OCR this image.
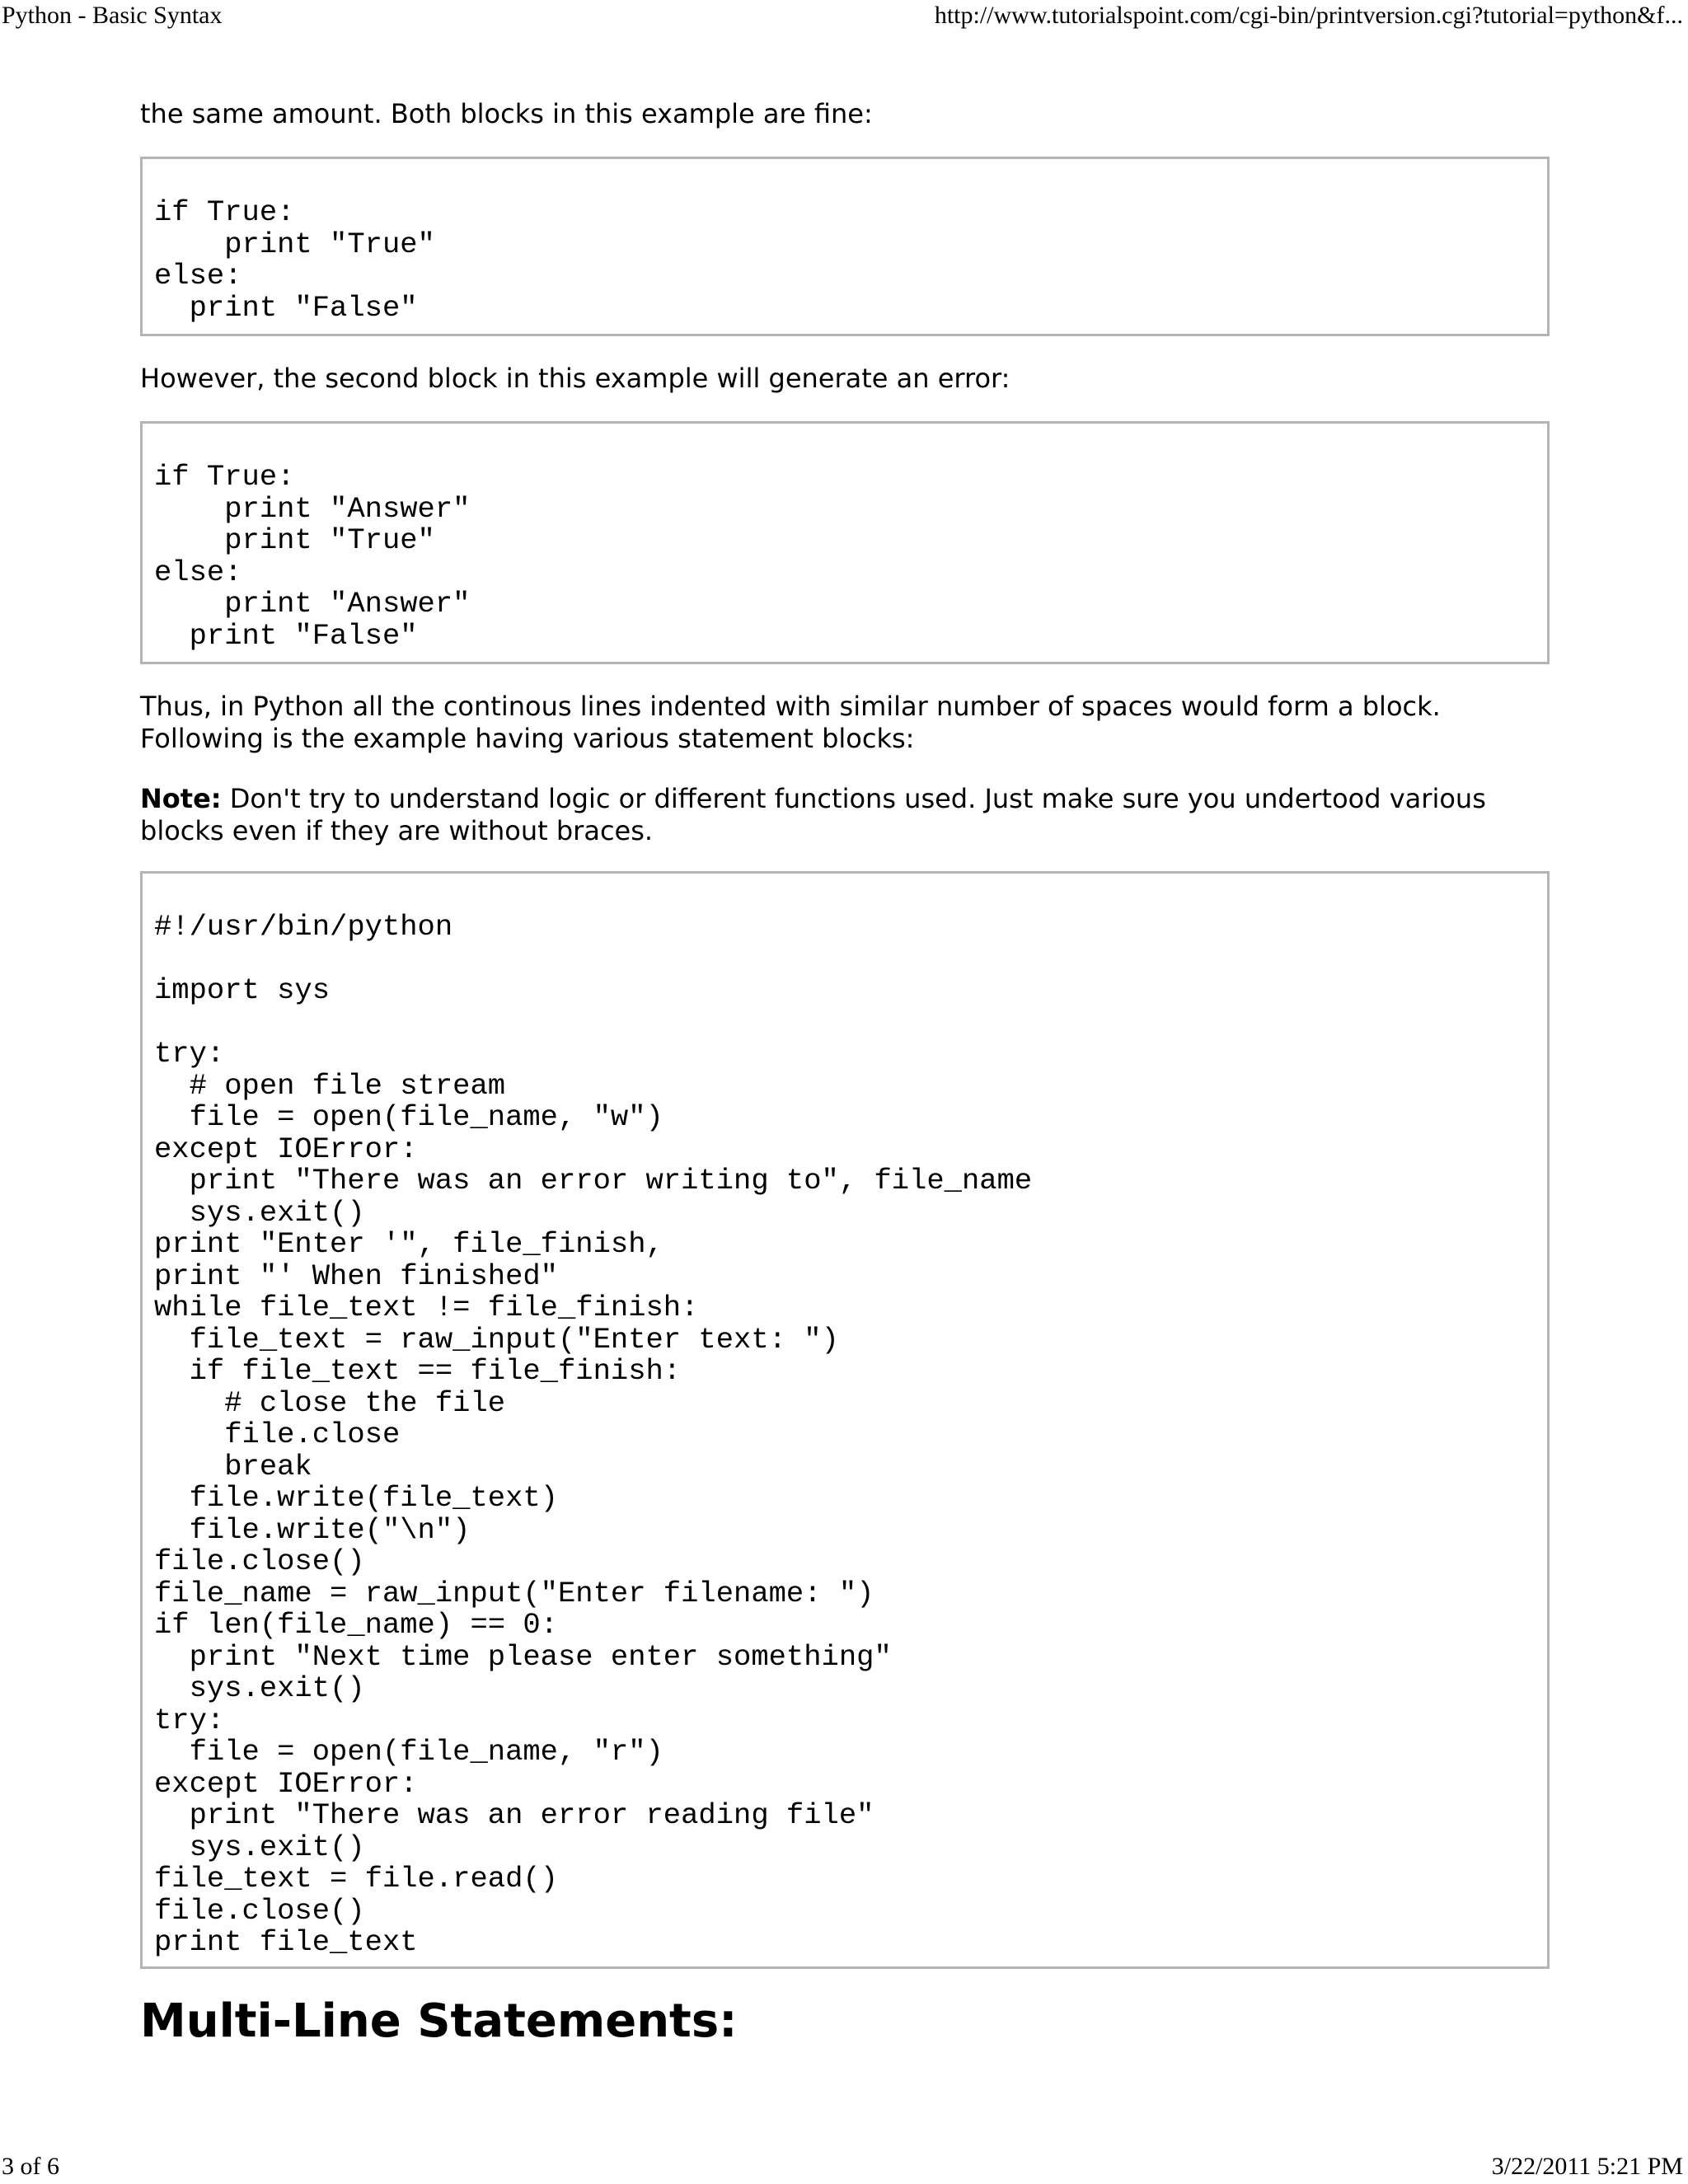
Python - Basic Syntax	http://www.tutorialspoint.com/cgi-bin/printversion.cgi?tutorial=python&f...

the same amount. Both blocks in this example are fine:

if True:
print "True"
else:
print "False"

However, the second block in this example will generate an error:

if True:
print "Answer"
print "True"
else:
print "Answer"
print "False"

Thus, in Python all the continous lines indented with similar number of spaces would form a block. Following is the example having various statement blocks:

Note: Don't try to understand logic or different functions used. Just make sure you undertood various blocks even if they are without braces.

#!/usr/bin/python

import sys

try:
# open file stream
file = open(file_name, "w")
except IOError:
print "There was an error writing to", file_name
sys.exit()
print "Enter '", file_finish,
print "' When finished"
while file_text != file_finish:
file_text = raw_input("Enter text: ")
if file_text == file_finish:
# close the file
file.close
break
file.write(file_text)
file.write("\n")
file.close()
file_name = raw_input("Enter filename: ")
if len(file_name) == 0:
print "Next time please enter something"
sys.exit()
try:
file = open(file_name, "r")
except IOError:
print "There was an error reading file"
sys.exit()
file_text = file.read()
file.close()
print file_text
Multi-Line Statements:
3 of 6	3/22/2011 5:21 PM
